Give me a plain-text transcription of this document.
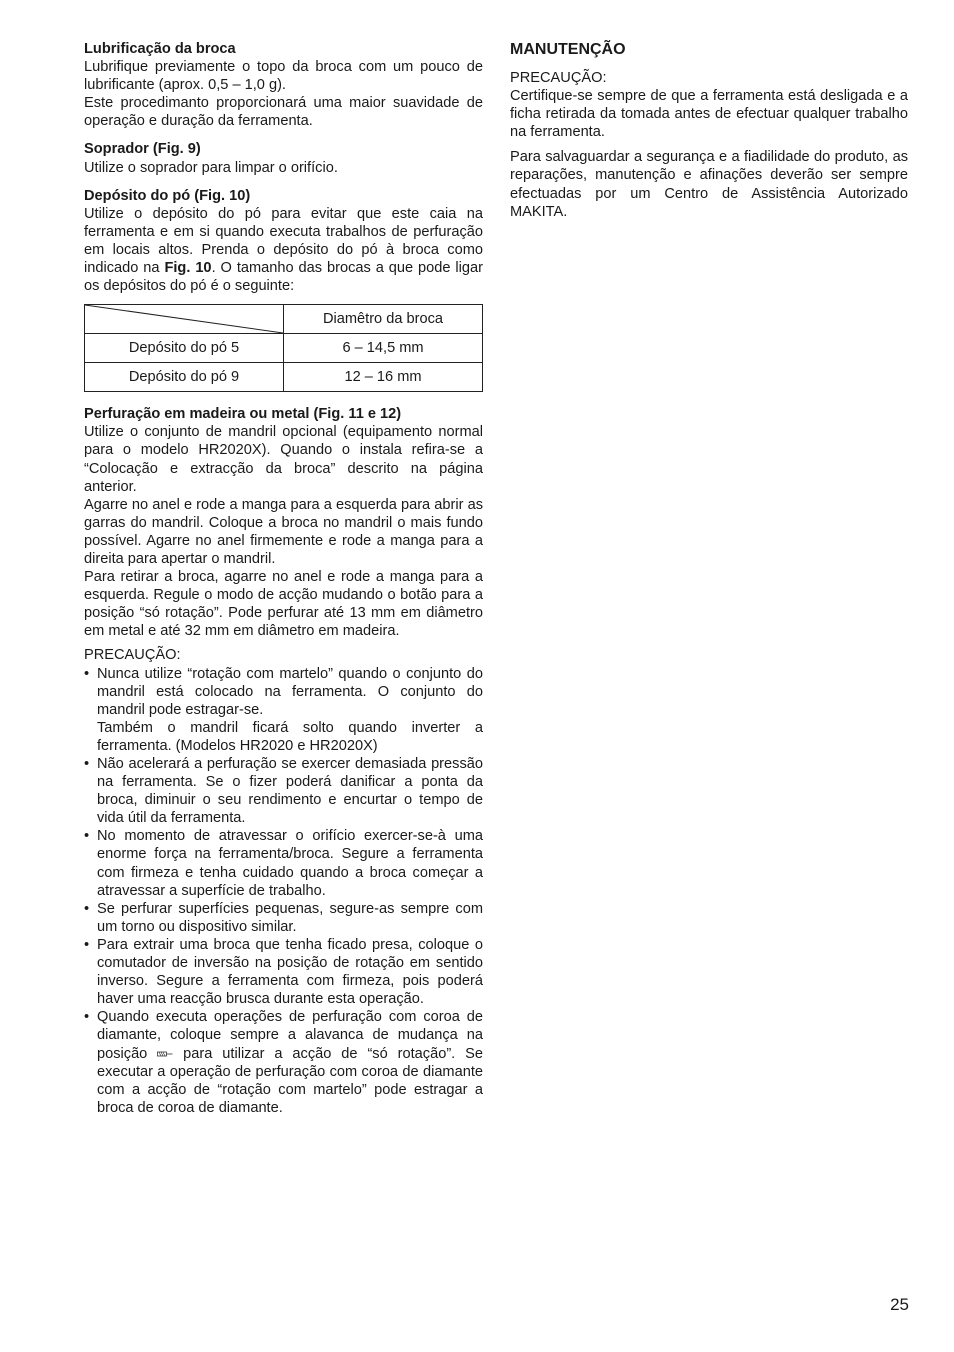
Lubrificação da broca

Lubrifique previamente o topo da broca com um pouco de lubrificante (aprox. 0,5 – 1,0 g).

Este procedimanto proporcionará uma maior suavidade de operação e duração da ferramenta.

Soprador (Fig. 9)

Utilize o soprador para limpar o orifício.

Depósito do pó (Fig. 10)

Utilize o depósito do pó para evitar que este caia na ferramenta e em si quando executa trabalhos de perfuração em locais altos. Prenda o depósito do pó à broca como indicado na Fig. 10. O tamanho das brocas a que pode ligar os depósitos do pó é o seguinte:

	Diamêtro da broca
Depósito do pó 5	6 – 14,5 mm
Depósito do pó 9	12 – 16 mm
Perfuração em madeira ou metal (Fig. 11 e 12)

Utilize o conjunto de mandril opcional (equipamento normal para o modelo HR2020X). Quando o instala refira-se a “Colocação e extracção da broca” descrito na página anterior.

Agarre no anel e rode a manga para a esquerda para abrir as garras do mandril. Coloque a broca no mandril o mais fundo possível. Agarre no anel firmemente e rode a manga para a direita para apertar o mandril.

Para retirar a broca, agarre no anel e rode a manga para a esquerda. Regule o modo de acção mudando o botão para a posição “só rotação”. Pode perfurar até 13 mm em diâmetro em metal e até 32 mm em diâmetro em madeira.

PRECAUÇÃO:

• Nunca utilize “rotação com martelo” quando o conjunto do mandril está colocado na ferramenta. O conjunto do mandril pode estragar-se.
Também o mandril ficará solto quando inverter a ferramenta. (Modelos HR2020 e HR2020X)
• Não acelerará a perfuração se exercer demasiada pressão na ferramenta. Se o fizer poderá danificar a ponta da broca, diminuir o seu rendimento e encurtar o tempo de vida útil da ferramenta.
• No momento de atravessar o orifício exercer-se-à uma enorme força na ferramenta/broca. Segure a ferramenta com firmeza e tenha cuidado quando a broca começar a atravessar a superfície de trabalho.
• Se perfurar superfícies pequenas, segure-as sempre com um torno ou dispositivo similar.
• Para extrair uma broca que tenha ficado presa, coloque o comutador de inversão na posição de rotação em sentido inverso. Segure a ferramenta com firmeza, pois poderá haver uma reacção brusca durante esta operação.
• Quando executa operações de perfuração com coroa de diamante, coloque sempre a alavanca de mudança na posição  para utilizar a acção de “só rotação”. Se executar a operação de perfuração com coroa de diamante com a acção de “rotação com martelo” pode estragar a broca de coroa de diamante.
MANUTENÇÃO

PRECAUÇÃO:

Certifique-se sempre de que a ferramenta está desligada e a ficha retirada da tomada antes de efectuar qualquer trabalho na ferramenta.

Para salvaguardar a segurança e a fiadilidade do produto, as reparações, manutenção e afinações deverão ser sempre efectuadas por um Centro de Assistência Autorizado MAKITA.

25
